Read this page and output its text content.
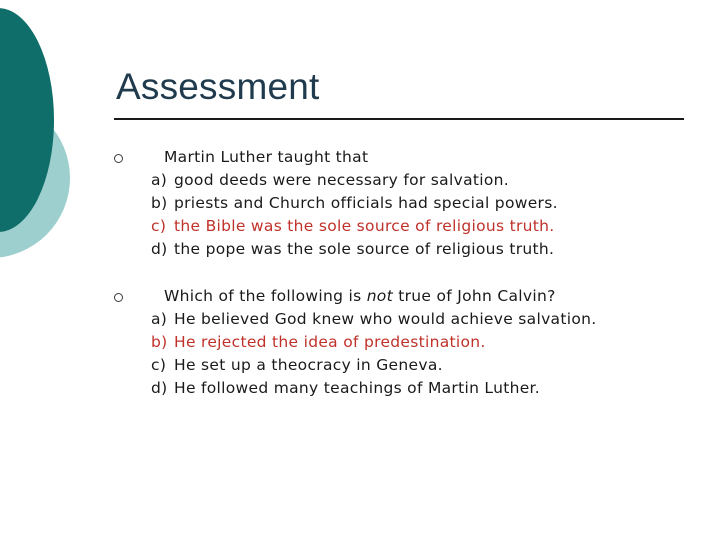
Assessment
Martin Luther taught that
a) good deeds were necessary for salvation.
b) priests and Church officials had special powers.
c) the Bible was the sole source of religious truth.
d) the pope was the sole source of religious truth.
Which of the following is not true of John Calvin?
a) He believed God knew who would achieve salvation.
b) He rejected the idea of predestination.
c) He set up a theocracy in Geneva.
d) He followed many teachings of Martin Luther.
